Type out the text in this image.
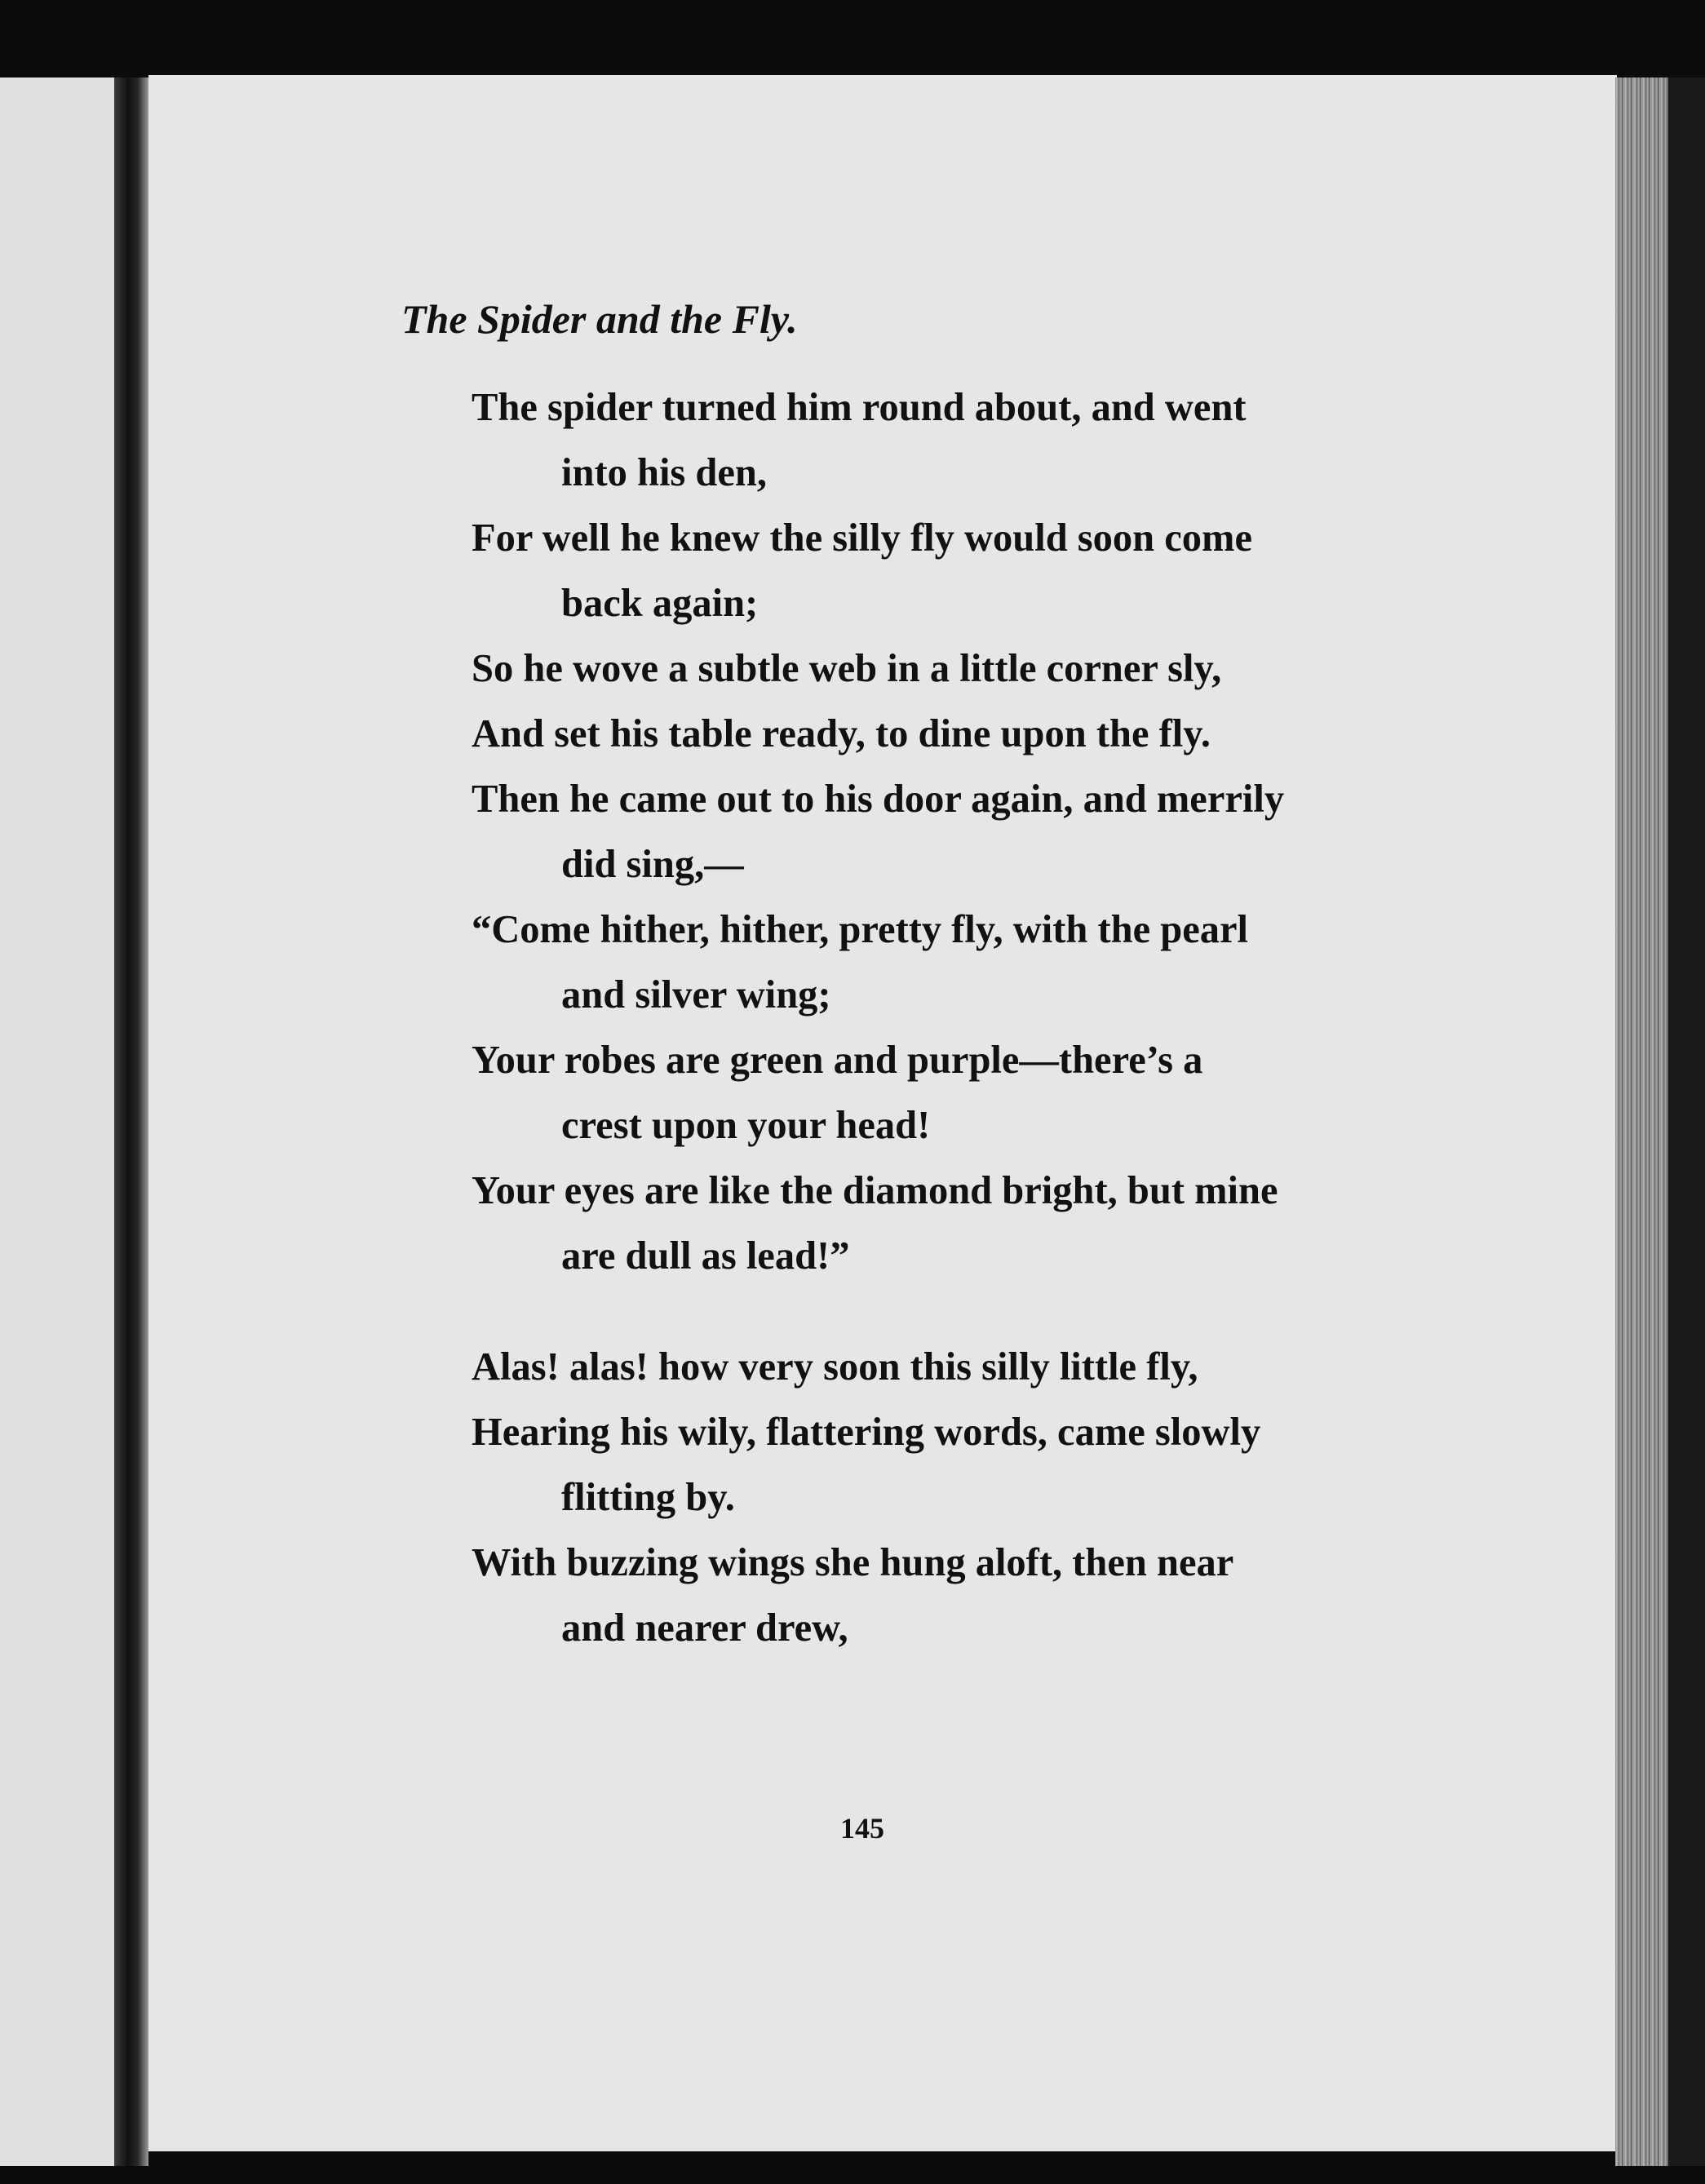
The Spider and the Fly.
The spider turned him round about, and went into his den,
For well he knew the silly fly would soon come back again;
So he wove a subtle web in a little corner sly,
And set his table ready, to dine upon the fly.
Then he came out to his door again, and merrily did sing,—
“Come hither, hither, pretty fly, with the pearl and silver wing;
Your robes are green and purple—there’s a crest upon your head!
Your eyes are like the diamond bright, but mine are dull as lead!”
Alas! alas! how very soon this silly little fly,
Hearing his wily, flattering words, came slowly flitting by.
With buzzing wings she hung aloft, then near and nearer drew,
145
